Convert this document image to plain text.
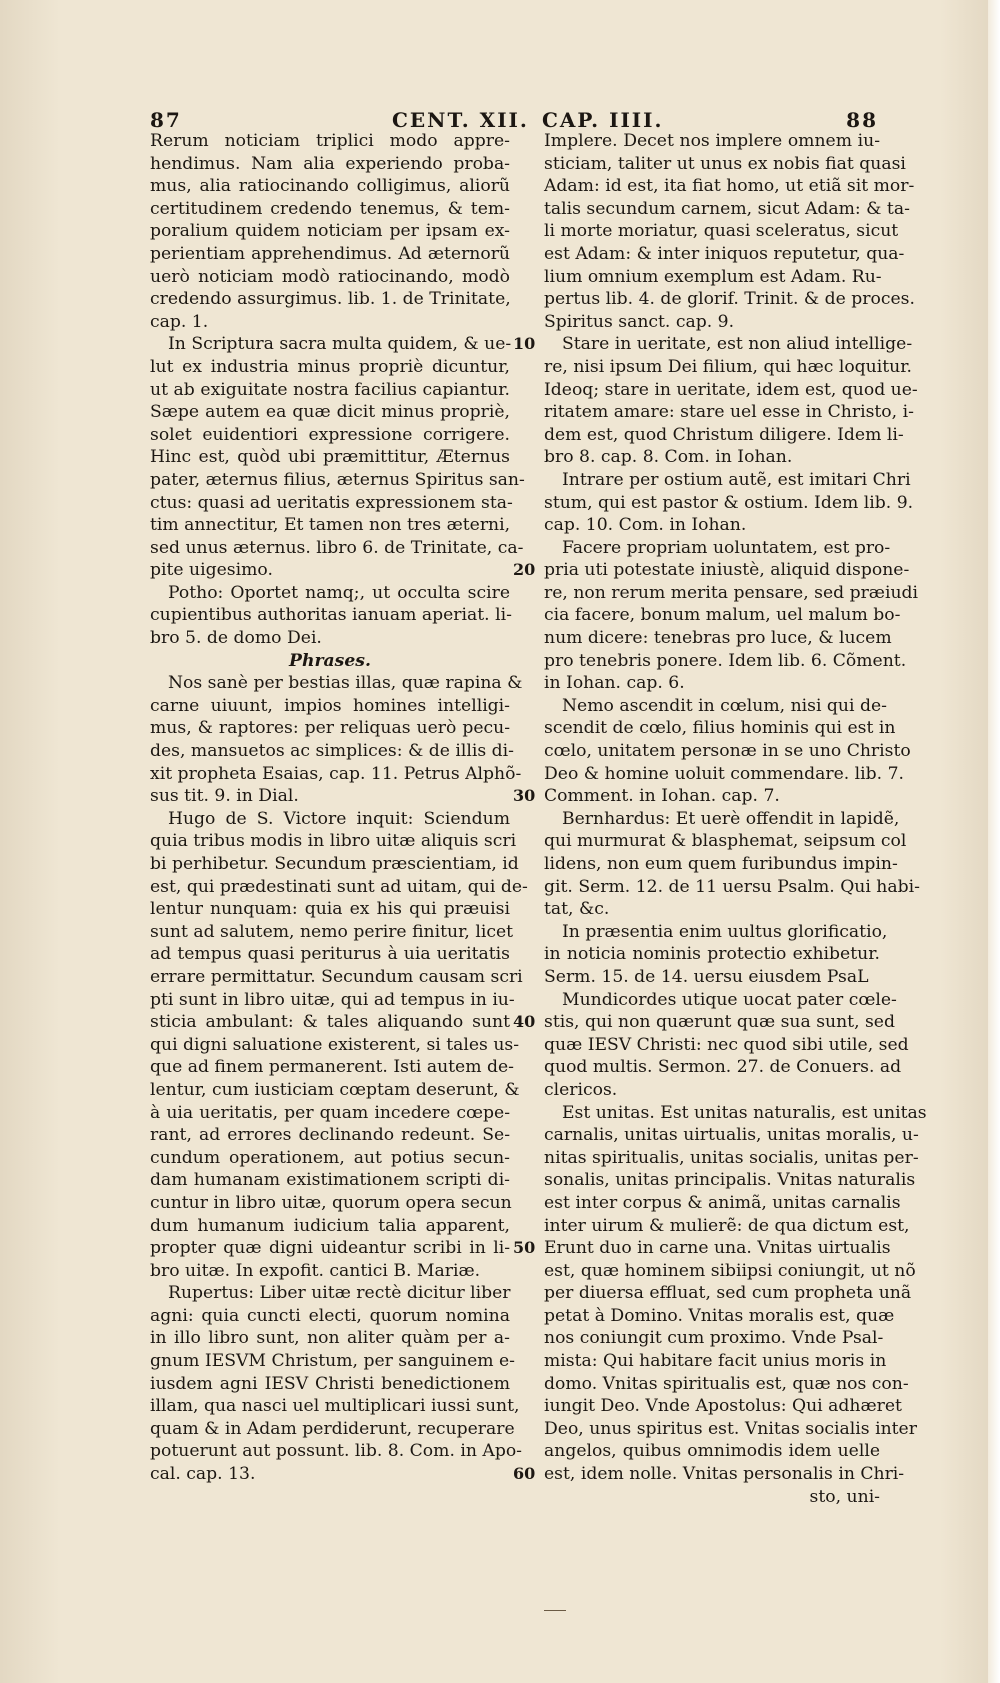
87	CENT. XII. CAP. IIII.	88
Rerum noticiam triplici modo appre-
hendimus. Nam alia experiendo proba-
mus, alia ratiocinando colligimus, aliorũ
certitudinem credendo tenemus, & tem-
poralium quidem noticiam per ipsam ex-
perientiam apprehendimus. Ad æternorũ
uerò noticiam modò ratiocinando, modò
credendo assurgimus. lib. 1. de Trinitate,
cap. 1.
In Scriptura sacra multa quidem, & ue-
lut ex industria minus propriè dicuntur,
ut ab exiguitate nostra facilius capiantur.
Sæpe autem ea quæ dicit minus propriè,
solet euidentiori expressione corrigere.
Hinc est, quòd ubi præmittitur, Æternus
pater, æternus filius, æternus Spiritus san-
ctus: quasi ad ueritatis expressionem sta-
tim annectitur, Et tamen non tres æterni,
sed unus æternus. libro 6. de Trinitate, ca-
pite uigesimo.
Potho: Oportet namq;, ut occulta scire
cupientibus authoritas ianuam aperiat. li-
bro 5. de domo Dei.
Phrases.
Nos sanè per bestias illas, quæ rapina &
carne uiuunt, impios homines intelligi-
mus, & raptores: per reliquas uerò pecu-
des, mansuetos ac simplices: & de illis di-
xit propheta Esaias, cap. 11. Petrus Alphõ-
sus tit. 9. in Dial.
Hugo de S. Victore inquit: Sciendum
quia tribus modis in libro uitæ aliquis scri
bi perhibetur. Secundum præscientiam, id
est, qui prædestinati sunt ad uitam, qui de-
lentur nunquam: quia ex his qui præuisi
sunt ad salutem, nemo perire finitur, licet
ad tempus quasi periturus à uia ueritatis
errare permittatur. Secundum causam scri
pti sunt in libro uitæ, qui ad tempus in iu-
sticia ambulant: & tales aliquando sunt
qui digni saluatione existerent, si tales us-
que ad finem permanerent. Isti autem de-
lentur, cum iusticiam cœptam deserunt, &
à uia ueritatis, per quam incedere cœpe-
rant, ad errores declinando redeunt. Se-
cundum operationem, aut potius secun-
dam humanam existimationem scripti di-
cuntur in libro uitæ, quorum opera secun
dum humanum iudicium talia apparent,
propter quæ digni uideantur scribi in li-
bro uitæ. In expofit. cantici B. Mariæ.
Rupertus: Liber uitæ rectè dicitur liber
agni: quia cuncti electi, quorum nomina
in illo libro sunt, non aliter quàm per a-
gnum IESVM Christum, per sanguinem e-
iusdem agni IESV Christi benedictionem
illam, qua nasci uel multiplicari iussi sunt,
quam & in Adam perdiderunt, recuperare
potuerunt aut possunt. lib. 8. Com. in Apo-
cal. cap. 13.
10
20
30
40
50
60
Implere. Decet nos implere omnem iu-
sticiam, taliter ut unus ex nobis fiat quasi
Adam: id est, ita fiat homo, ut etiã sit mor-
talis secundum carnem, sicut Adam: & ta-
li morte moriatur, quasi sceleratus, sicut
est Adam: & inter iniquos reputetur, qua-
lium omnium exemplum est Adam. Ru-
pertus lib. 4. de glorif. Trinit. & de proces.
Spiritus sanct. cap. 9.
Stare in ueritate, est non aliud intellige-
re, nisi ipsum Dei filium, qui hæc loquitur.
Ideoq; stare in ueritate, idem est, quod ue-
ritatem amare: stare uel esse in Christo, i-
dem est, quod Christum diligere. Idem li-
bro 8. cap. 8. Com. in Iohan.
Intrare per ostium autẽ, est imitari Chri
stum, qui est pastor & ostium. Idem lib. 9.
cap. 10. Com. in Iohan.
Facere propriam uoluntatem, est pro-
pria uti potestate iniustè, aliquid dispone-
re, non rerum merita pensare, sed præiudi
cia facere, bonum malum, uel malum bo-
num dicere: tenebras pro luce, & lucem
pro tenebris ponere. Idem lib. 6. Cõment.
in Iohan. cap. 6.
Nemo ascendit in cœlum, nisi qui de-
scendit de cœlo, filius hominis qui est in
cœlo, unitatem personæ in se uno Christo
Deo & homine uoluit commendare. lib. 7.
Comment. in Iohan. cap. 7.
Bernhardus: Et uerè offendit in lapidẽ,
qui murmurat & blasphemat, seipsum col
lidens, non eum quem furibundus impin-
git. Serm. 12. de 11 uersu Psalm. Qui habi-
tat, &c.
In præsentia enim uultus glorificatio,
in noticia nominis protectio exhibetur.
Serm. 15. de 14. uersu eiusdem PsaL
Mundicordes utique uocat pater cœle-
stis, qui non quærunt quæ sua sunt, sed
quæ IESV Christi: nec quod sibi utile, sed
quod multis. Sermon. 27. de Conuers. ad
clericos.
Est unitas. Est unitas naturalis, est unitas
carnalis, unitas uirtualis, unitas moralis, u-
nitas spiritualis, unitas socialis, unitas per-
sonalis, unitas principalis. Vnitas naturalis
est inter corpus & animã, unitas carnalis
inter uirum & mulierẽ: de qua dictum est,
Erunt duo in carne una. Vnitas uirtualis
est, quæ hominem sibiipsi coniungit, ut nõ
per diuersa effluat, sed cum propheta unã
petat à Domino. Vnitas moralis est, quæ
nos coniungit cum proximo. Vnde Psal-
mista: Qui habitare facit unius moris in
domo. Vnitas spiritualis est, quæ nos con-
iungit Deo. Vnde Apostolus: Qui adhæret
Deo, unus spiritus est. Vnitas socialis inter
angelos, quibus omnimodis idem uelle
est, idem nolle. Vnitas personalis in Chri-
sto, uni-
